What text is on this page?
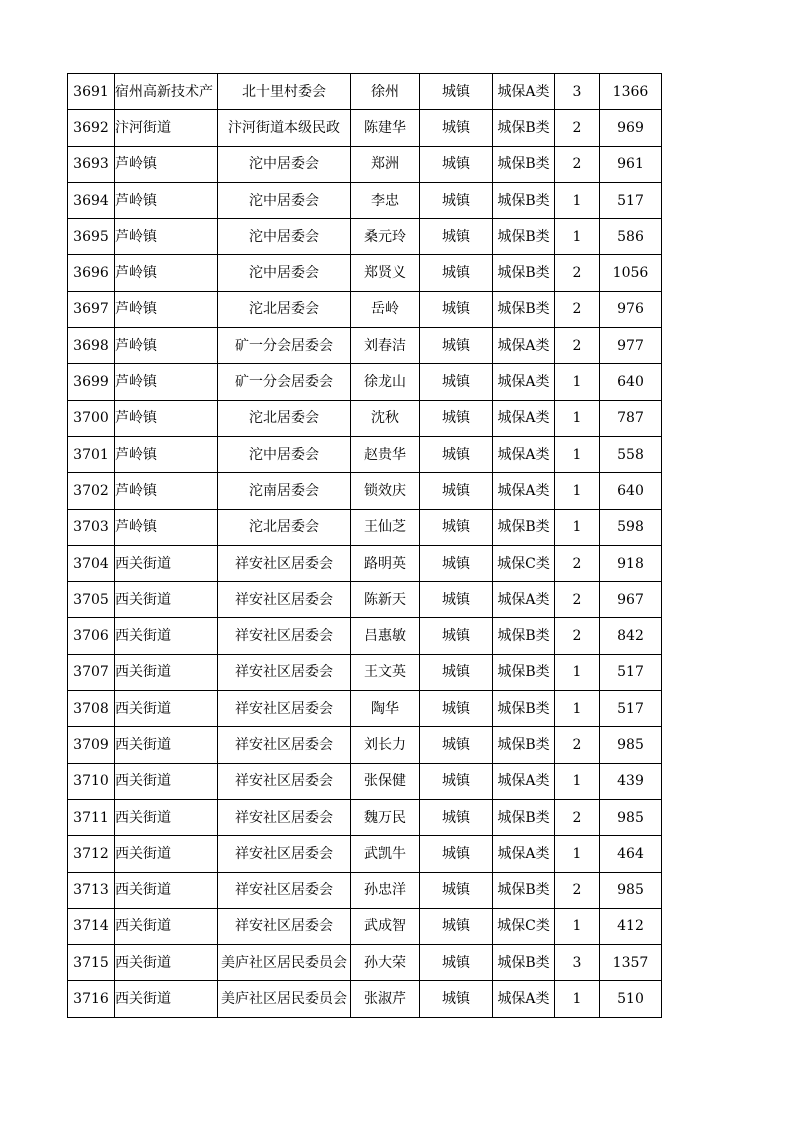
3691	宿州高新技术产	北十里村委会	徐州	城镇	城保A类	3	1366
3692	汴河街道	汴河街道本级民政	陈建华	城镇	城保B类	2	969
3693	芦岭镇	沱中居委会	郑洲	城镇	城保B类	2	961
3694	芦岭镇	沱中居委会	李忠	城镇	城保B类	1	517
3695	芦岭镇	沱中居委会	桑元玲	城镇	城保B类	1	586
3696	芦岭镇	沱中居委会	郑贤义	城镇	城保B类	2	1056
3697	芦岭镇	沱北居委会	岳岭	城镇	城保B类	2	976
3698	芦岭镇	矿一分会居委会	刘春洁	城镇	城保A类	2	977
3699	芦岭镇	矿一分会居委会	徐龙山	城镇	城保A类	1	640
3700	芦岭镇	沱北居委会	沈秋	城镇	城保A类	1	787
3701	芦岭镇	沱中居委会	赵贵华	城镇	城保A类	1	558
3702	芦岭镇	沱南居委会	锁效庆	城镇	城保A类	1	640
3703	芦岭镇	沱北居委会	王仙芝	城镇	城保B类	1	598
3704	西关街道	祥安社区居委会	路明英	城镇	城保C类	2	918
3705	西关街道	祥安社区居委会	陈新天	城镇	城保A类	2	967
3706	西关街道	祥安社区居委会	吕惠敏	城镇	城保B类	2	842
3707	西关街道	祥安社区居委会	王文英	城镇	城保B类	1	517
3708	西关街道	祥安社区居委会	陶华	城镇	城保B类	1	517
3709	西关街道	祥安社区居委会	刘长力	城镇	城保B类	2	985
3710	西关街道	祥安社区居委会	张保健	城镇	城保A类	1	439
3711	西关街道	祥安社区居委会	魏万民	城镇	城保B类	2	985
3712	西关街道	祥安社区居委会	武凯牛	城镇	城保A类	1	464
3713	西关街道	祥安社区居委会	孙忠洋	城镇	城保B类	2	985
3714	西关街道	祥安社区居委会	武成智	城镇	城保C类	1	412
3715	西关街道	美庐社区居民委员会	孙大荣	城镇	城保B类	3	1357
3716	西关街道	美庐社区居民委员会	张淑芹	城镇	城保A类	1	510
